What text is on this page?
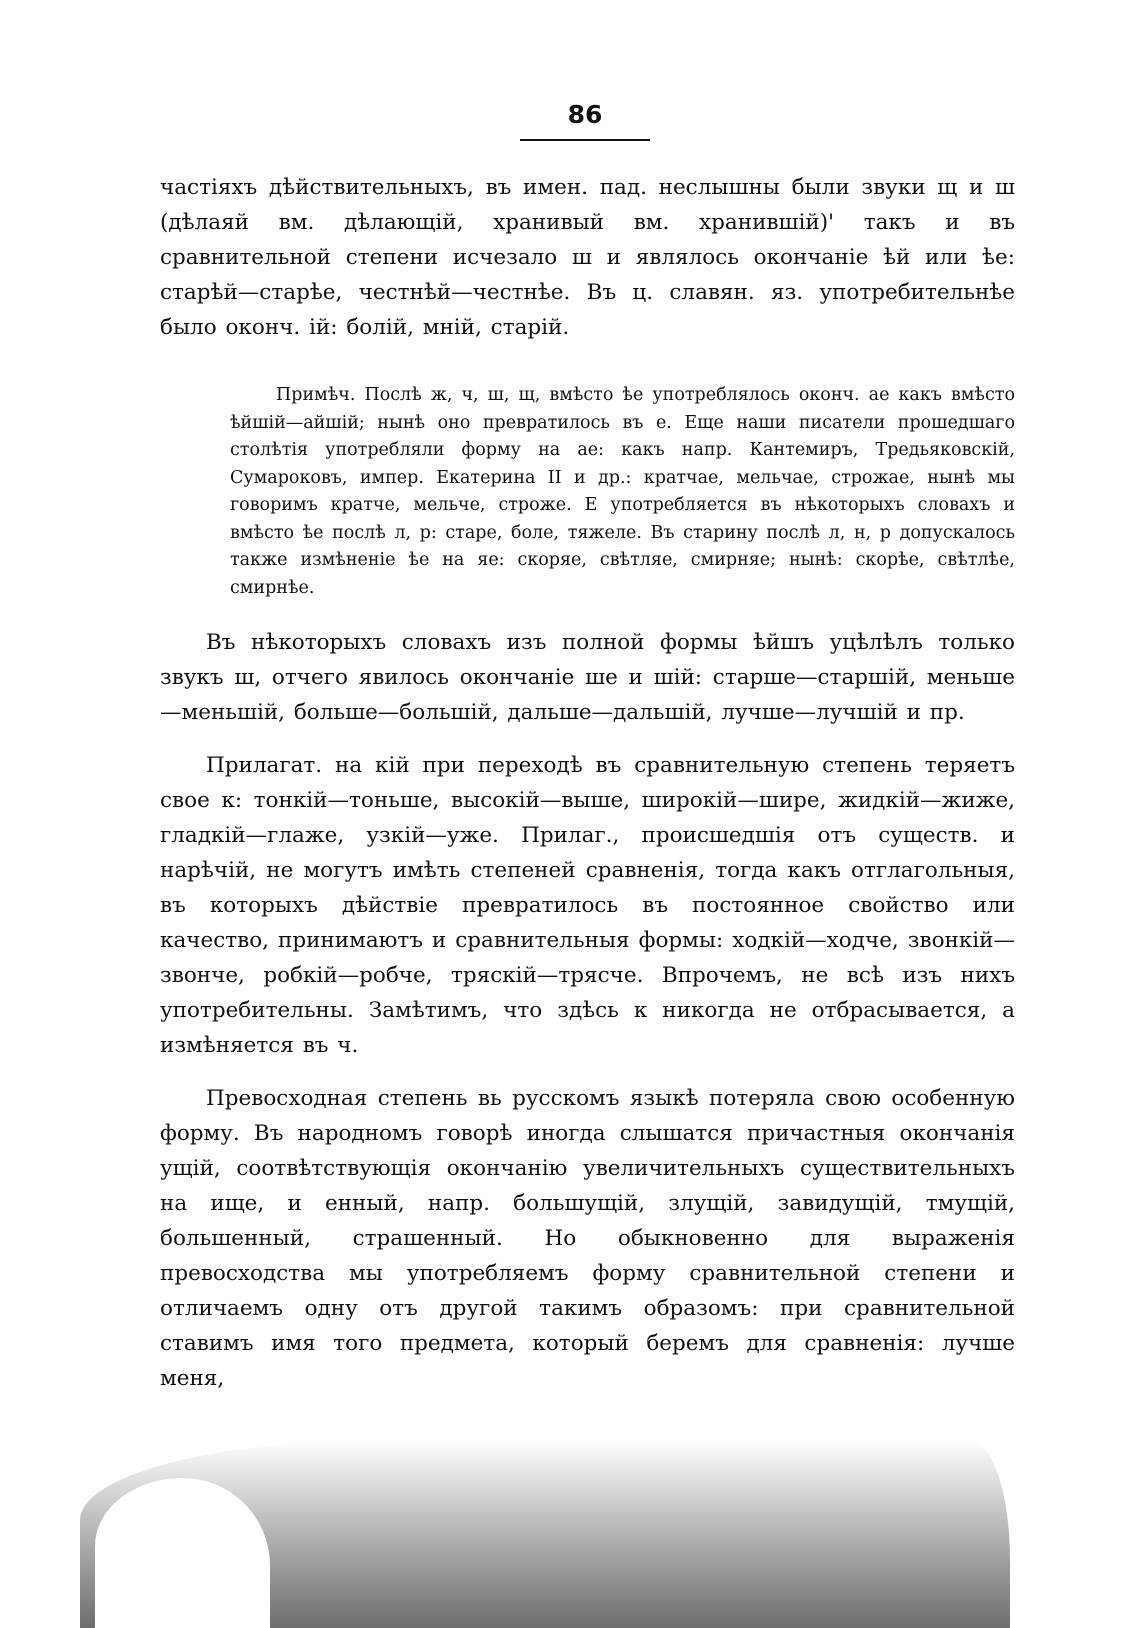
86

частіяхъ дѣйствительныхъ, въ имен. пад. неслышны были звуки щ и ш (дѣлаяй вм. дѣлающій, хранивый вм. хранившій)' такъ и въ сравнительной степени исчезало ш и являлось окончаніе ѣй или ѣе: старѣй—старѣе, честнѣй—честнѣе. Въ ц. славян. яз. употребительнѣе было оконч. ій: болій, мній, старій.

Примѣч. Послѣ ж, ч, ш, щ, вмѣсто ѣе употреблялось оконч. ае какъ вмѣсто ѣйшій—айшій; нынѣ оно превратилось въ е. Еще наши писатели прошедшаго столѣтія употребляли форму на ае: какъ напр. Кантемиръ, Тредьяковскій, Сумароковъ, импер. Екатерина II и др.: кратчае, мельчае, строжае, нынѣ мы говоримъ кратче, мельче, строже. Е употребляется въ нѣкоторыхъ словахъ и вмѣсто ѣе послѣ л, р: старе, боле, тяжеле. Въ старину послѣ л, н, р допускалось также измѣненіе ѣе на яе: скоряе, свѣтляе, смирняе; нынѣ: скорѣе, свѣтлѣе, смирнѣе.

Въ нѣкоторыхъ словахъ изъ полной формы ѣйшъ уцѣлѣлъ только звукъ ш, отчего явилось окончаніе ше и шій: старше—старшій, меньше—меньшій, больше—большій, дальше—дальшій, лучше—лучшій и пр.

Прилагат. на кій при переходѣ въ сравнительную степень теряетъ свое к: тонкій—тоньше, высокій—выше, широкій—шире, жидкій—жиже, гладкій—глаже, узкій—уже. Прилаг., происшедшія отъ существ. и нарѣчій, не могутъ имѣть степеней сравненія, тогда какъ отглагольныя, въ которыхъ дѣйствіе превратилось въ постоянное свойство или качество, принимаютъ и сравнительныя формы: ходкій—ходче, звонкій—звонче, робкій—робче, тряскій—трясче. Впрочемъ, не всѣ изъ нихъ употребительны. Замѣтимъ, что здѣсь к никогда не отбрасывается, а измѣняется въ ч.

Превосходная степень вь русскомъ языкѣ потеряла свою особенную форму. Въ народномъ говорѣ иногда слышатся причастныя окончанія ущій, соотвѣтствующія окончанію увеличительныхъ существительныхъ на ище, и енный, напр. большущій, злущій, завидущій, тмущій, большенный, страшенный. Но обыкновенно для выраженія превосходства мы употребляемъ форму сравнительной степени и отличаемъ одну отъ другой такимъ образомъ: при сравнительной ставимъ имя того предмета, который беремъ для сравненія: лучше меня,
